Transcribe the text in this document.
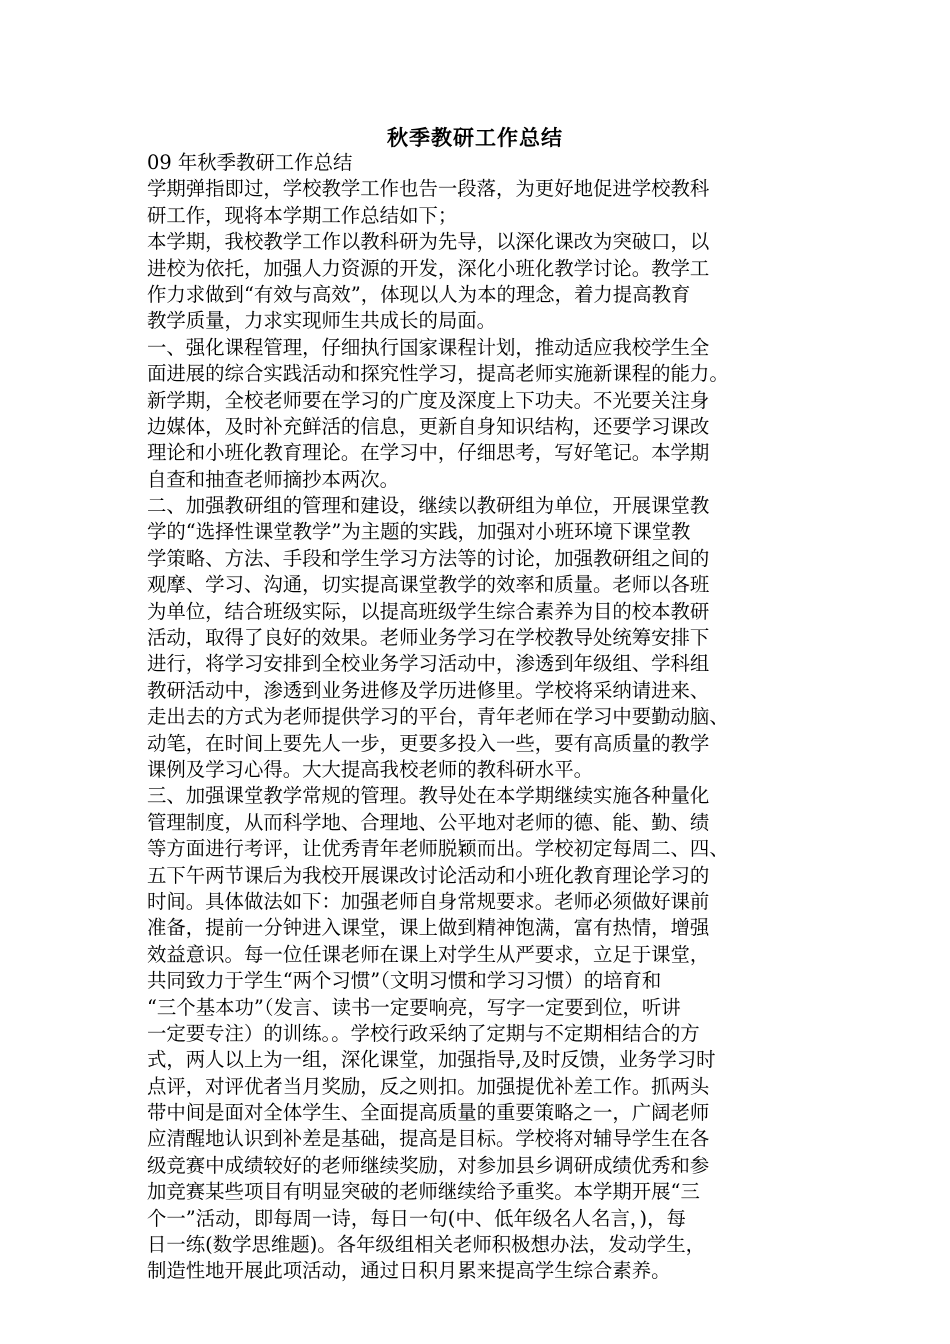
秋季教研工作总结
09 年秋季教研工作总结
学期弹指即过，学校教学工作也告一段落，为更好地促进学校教科
研工作，现将本学期工作总结如下；
本学期，我校教学工作以教科研为先导，以深化课改为突破口，以
进校为依托，加强人力资源的开发，深化小班化教学讨论。教学工
作力求做到“有效与高效”，体现以人为本的理念，着力提高教育
教学质量，力求实现师生共成长的局面。
一、强化课程管理，仔细执行国家课程计划，推动适应我校学生全
面进展的综合实践活动和探究性学习，提高老师实施新课程的能力。
新学期，全校老师要在学习的广度及深度上下功夫。不光要关注身
边媒体，及时补充鲜活的信息，更新自身知识结构，还要学习课改
理论和小班化教育理论。在学习中，仔细思考，写好笔记。本学期
自查和抽查老师摘抄本两次。
二、加强教研组的管理和建设，继续以教研组为单位，开展课堂教
学的“选择性课堂教学”为主题的实践，加强对小班环境下课堂教
学策略、方法、手段和学生学习方法等的讨论，加强教研组之间的
观摩、学习、沟通，切实提高课堂教学的效率和质量。老师以各班
为单位，结合班级实际，以提高班级学生综合素养为目的校本教研
活动，取得了良好的效果。老师业务学习在学校教导处统筹安排下
进行，将学习安排到全校业务学习活动中，渗透到年级组、学科组
教研活动中，渗透到业务进修及学历进修里。学校将采纳请进来、
走出去的方式为老师提供学习的平台，青年老师在学习中要勤动脑、
动笔，在时间上要先人一步，更要多投入一些，要有高质量的教学
课例及学习心得。大大提高我校老师的教科研水平。
三、加强课堂教学常规的管理。教导处在本学期继续实施各种量化
管理制度，从而科学地、合理地、公平地对老师的德、能、勤、绩
等方面进行考评，让优秀青年老师脱颖而出。学校初定每周二、四、
五下午两节课后为我校开展课改讨论活动和小班化教育理论学习的
时间。具体做法如下：加强老师自身常规要求。老师必须做好课前
准备，提前一分钟进入课堂，课上做到精神饱满，富有热情，增强
效益意识。每一位任课老师在课上对学生从严要求，立足于课堂，
共同致力于学生“两个习惯”（文明习惯和学习习惯）的培育和
“三个基本功”（发言、读书一定要响亮，写字一定要到位，听讲
一定要专注）的训练。。学校行政采纳了定期与不定期相结合的方
式，两人以上为一组，深化课堂，加强指导,及时反馈，业务学习时
点评，对评优者当月奖励，反之则扣。加强提优补差工作。抓两头
带中间是面对全体学生、全面提高质量的重要策略之一，广阔老师
应清醒地认识到补差是基础，提高是目标。学校将对辅导学生在各
级竞赛中成绩较好的老师继续奖励，对参加县乡调研成绩优秀和参
加竞赛某些项目有明显突破的老师继续给予重奖。本学期开展“三
个一”活动，即每周一诗，每日一句(中、低年级名人名言，)，每
日一练(数学思维题)。各年级组相关老师积极想办法，发动学生，
制造性地开展此项活动，通过日积月累来提高学生综合素养。
